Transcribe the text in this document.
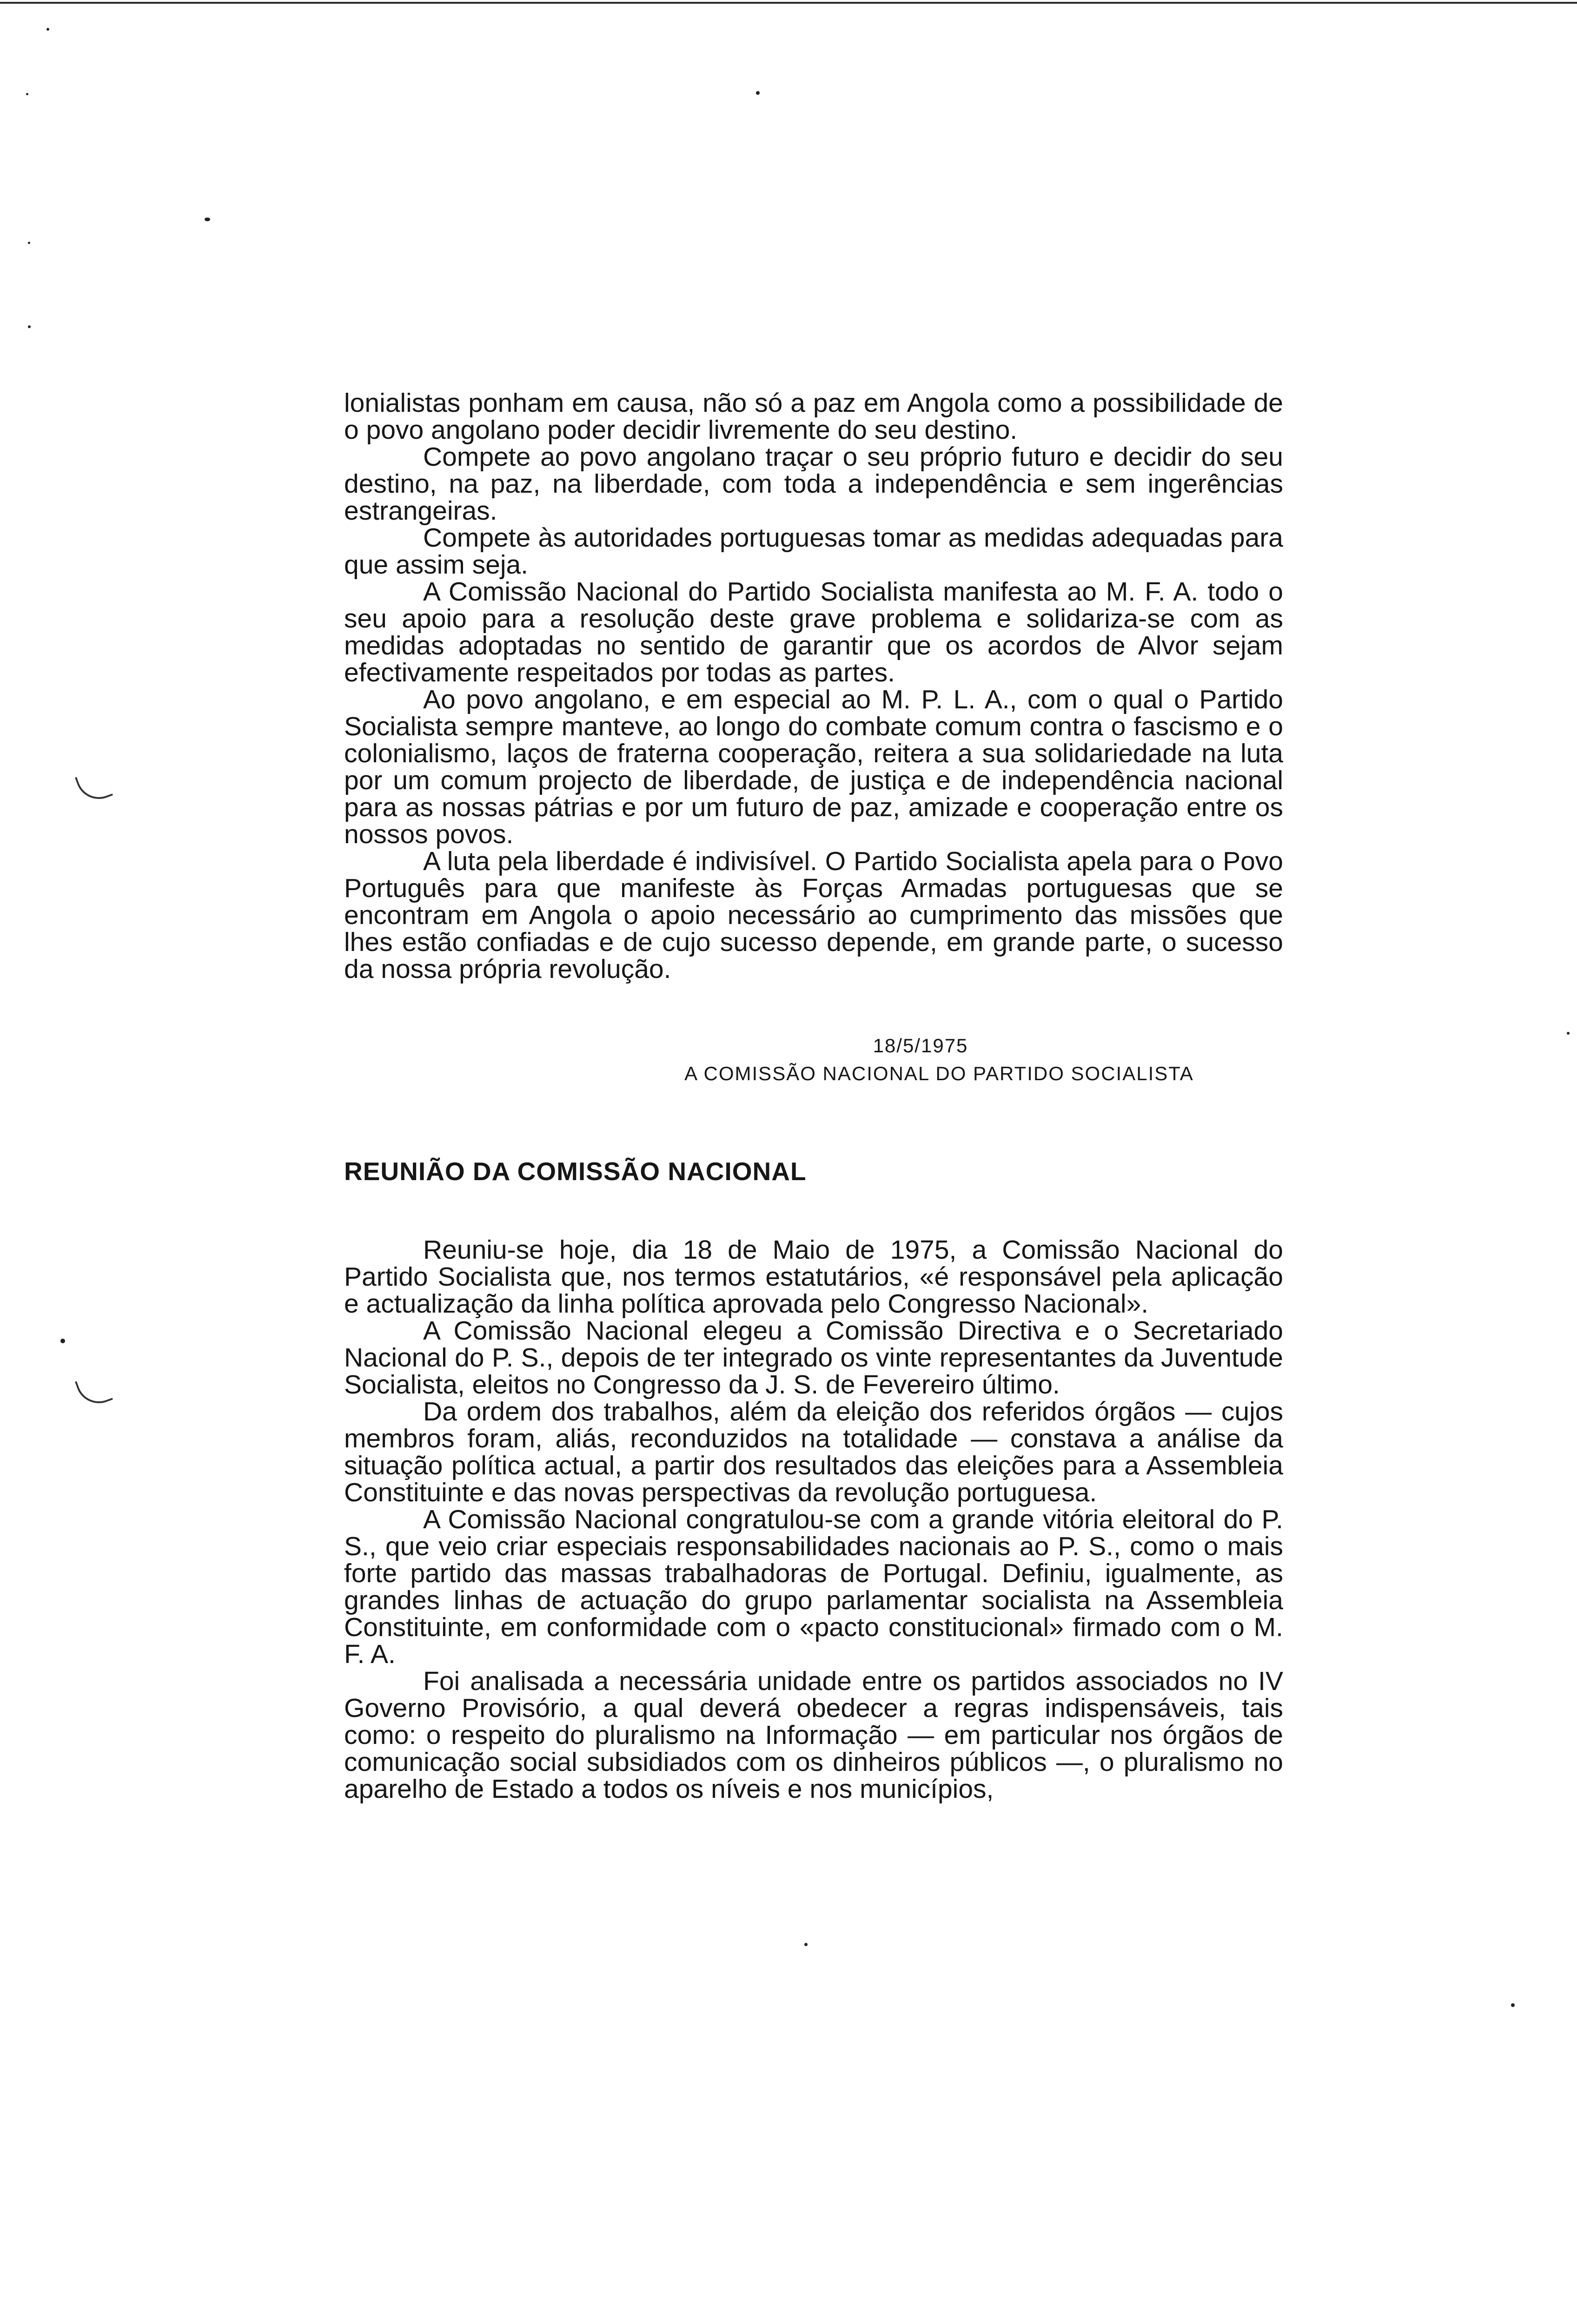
lonialistas ponham em causa, não só a paz em Angola como a possibilidade de o povo angolano poder decidir livremente do seu destino.

Compete ao povo angolano traçar o seu próprio futuro e decidir do seu destino, na paz, na liberdade, com toda a independência e sem ingerências estrangeiras.

Compete às autoridades portuguesas tomar as medidas adequadas para que assim seja.

A Comissão Nacional do Partido Socialista manifesta ao M. F. A. todo o seu apoio para a resolução deste grave problema e solidariza-se com as medidas adoptadas no sentido de garantir que os acordos de Alvor sejam efectivamente respeitados por todas as partes.

Ao povo angolano, e em especial ao M. P. L. A., com o qual o Partido Socialista sempre manteve, ao longo do combate comum contra o fascismo e o colonialismo, laços de fraterna cooperação, reitera a sua solidariedade na luta por um comum projecto de liberdade, de justiça e de independência nacional para as nossas pátrias e por um futuro de paz, amizade e cooperação entre os nossos povos.

A luta pela liberdade é indivisível. O Partido Socialista apela para o Povo Português para que manifeste às Forças Armadas portuguesas que se encontram em Angola o apoio necessário ao cumprimento das missões que lhes estão confiadas e de cujo sucesso depende, em grande parte, o sucesso da nossa própria revolução.

18/5/1975
A COMISSÃO NACIONAL DO PARTIDO SOCIALISTA
REUNIÃO DA COMISSÃO NACIONAL

Reuniu-se hoje, dia 18 de Maio de 1975, a Comissão Nacional do Partido Socialista que, nos termos estatutários, «é responsável pela aplicação e actualização da linha política aprovada pelo Congresso Nacional».

A Comissão Nacional elegeu a Comissão Directiva e o Secretariado Nacional do P. S., depois de ter integrado os vinte representantes da Juventude Socialista, eleitos no Congresso da J. S. de Fevereiro último.

Da ordem dos trabalhos, além da eleição dos referidos órgãos — cujos membros foram, aliás, reconduzidos na totalidade — constava a análise da situação política actual, a partir dos resultados das eleições para a Assembleia Constituinte e das novas perspectivas da revolução portuguesa.

A Comissão Nacional congratulou-se com a grande vitória eleitoral do P. S., que veio criar especiais responsabilidades nacionais ao P. S., como o mais forte partido das massas trabalhadoras de Portugal. Definiu, igualmente, as grandes linhas de actuação do grupo parlamentar socialista na Assembleia Constituinte, em conformidade com o «pacto constitucional» firmado com o M. F. A.

Foi analisada a necessária unidade entre os partidos associados no IV Governo Provisório, a qual deverá obedecer a regras indispensáveis, tais como: o respeito do pluralismo na Informação — em particular nos órgãos de comunicação social subsidiados com os dinheiros públicos —, o pluralismo no aparelho de Estado a todos os níveis e nos municípios,
